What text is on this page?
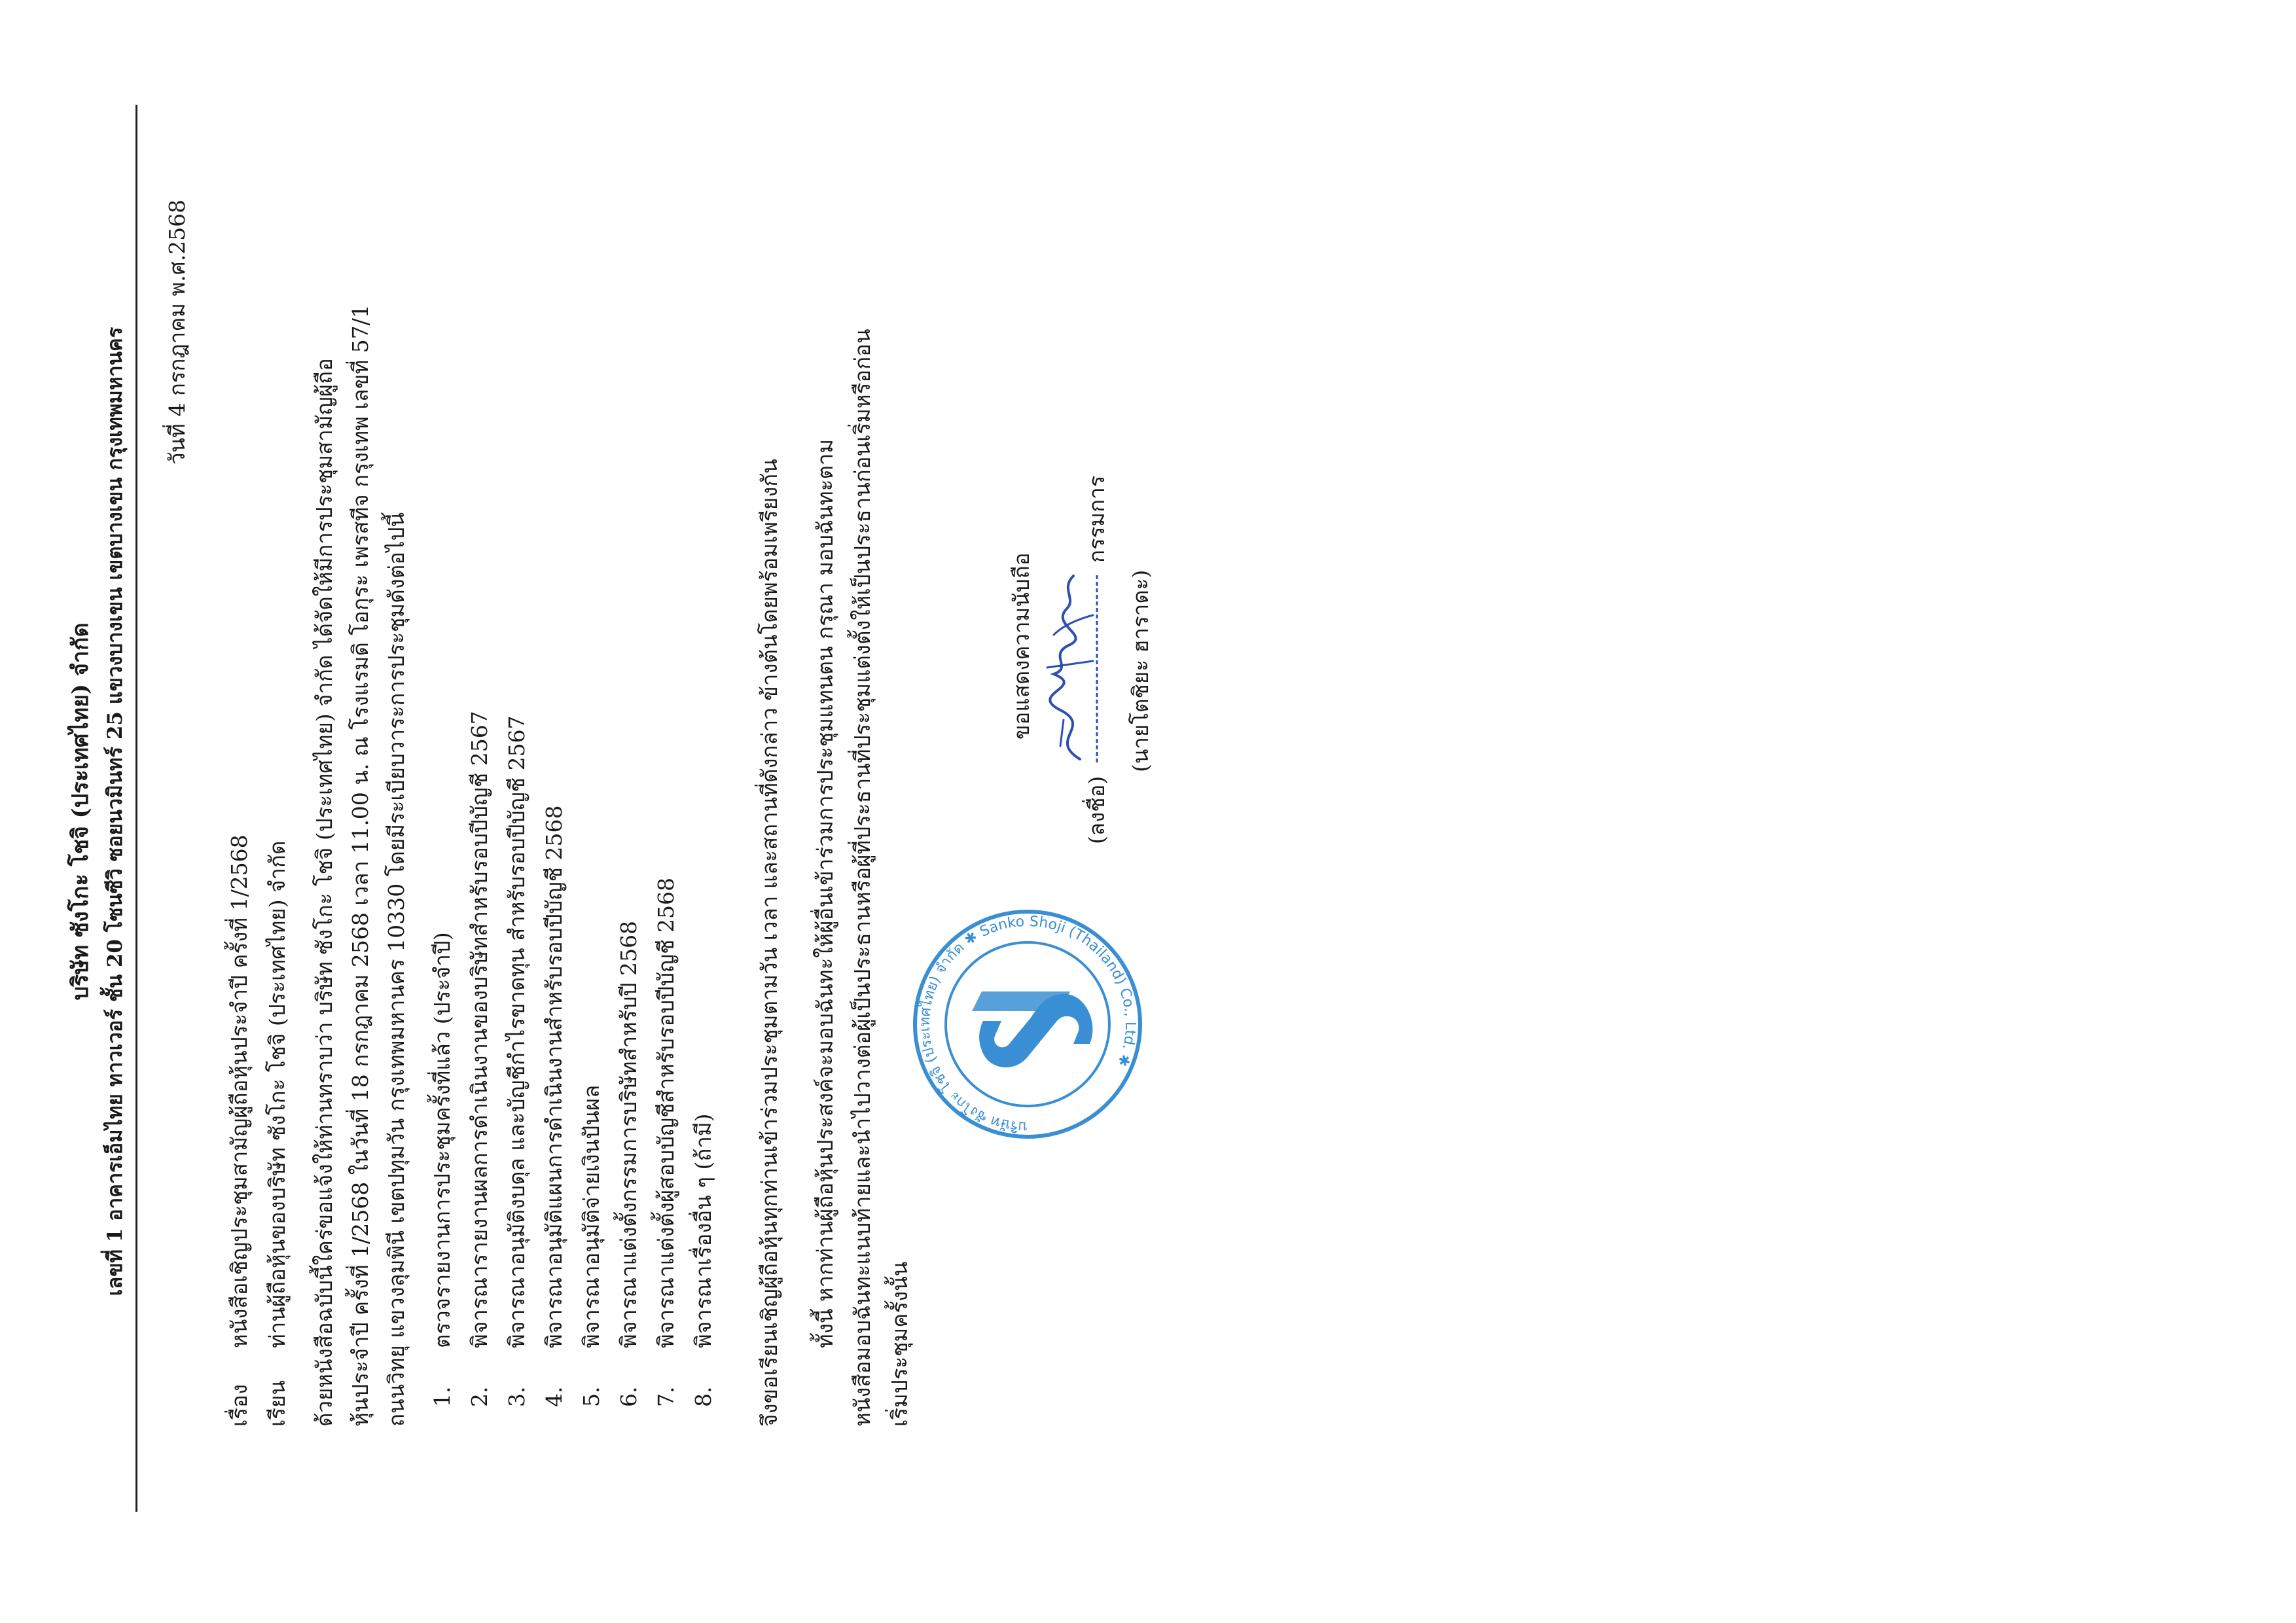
บริษัท ซังโกะ โชจิ (ประเทศไทย) จำกัด เลขที่ 1 อาคารเอ็มไทย ทาวเวอร์ ชั้น 20 โซนซีวิ ซอยนวมินทร์ 25 แขวงบางเขน เขตบางเขน กรุงเทพมหานคร วันที่ 4 กรกฎาคม พ.ศ.2568
เรื่อง
หนังสือเชิญประชุมสามัญผู้ถือหุ้นประจำปี ครั้งที่ 1/2568
เรียน
ท่านผู้ถือหุ้นของบริษัท ซังโกะ โชจิ (ประเทศไทย) จำกัด ด้วยหนังสือฉบับนี้ใคร่ขอแจ้งให้ท่านทราบว่า บริษัท ซังโกะ โชจิ (ประเทศไทย) จำกัด ได้จัดให้มีการประชุมสามัญผู้ถือ หุ้นประจำปี ครั้งที่ 1/2568 ในวันที่ 18 กรกฎาคม 2568 เวลา 11.00 น. ณ โรงแรมดิ โอกุระ เพรสทีจ กรุงเทพ เลขที่ 57/1 ถนนวิทยุ แขวงลุมพินี เขตปทุมวัน กรุงเทพมหานคร 10330 โดยมีระเบียบวาระการประชุมดังต่อไปนี้ 1.
ตรวจรายงานการประชุมครั้งที่แล้ว (ประจำปี)
2.
พิจารณารายงานผลการดำเนินงานของบริษัทสำหรับรอบปีบัญชี 2567
3.
พิจารณาอนุมัติงบดุล และบัญชีกำไรขาดทุน สำหรับรอบปีบัญชี 2567
4.
พิจารณาอนุมัติแผนการดำเนินงานสำหรับรอบปีบัญชี 2568
5.
พิจารณาอนุมัติจ่ายเงินปันผล
6.
พิจารณาแต่งตั้งกรรมการบริษัทสำหรับปี 2568
7.
พิจารณาแต่งตั้งผู้สอบบัญชีสำหรับรอบปีบัญชี 2568
8.
พิจารณาเรื่องอื่น ๆ (ถ้ามี) จึงขอเรียนเชิญผู้ถือหุ้นทุกท่านเข้าร่วมประชุมตามวัน เวลา และสถานที่ดังกล่าว ข้างต้นโดยพร้อมเพรียงกัน ทั้งนี้ หากท่านผู้ถือหุ้นประสงค์จะมอบฉันทะให้ผู้อื่นเข้าร่วมการประชุมแทนตน กรุณา มอบฉันทะตาม หนังสือมอบฉันทะแนบท้ายและนำไปวางต่อผู้เป็นประธานหรือผู้ที่ประธานที่ประชุมแต่งตั้งให้เป็นประธานก่อนเริ่มหรือก่อน เริ่มประชุมครั้งนั้น
ขอแสดงความนับถือ
(ลงชื่อ)
กรรมการ
(นายโตชิยะ ฮาราดะ)
บริษัท ซังโกะ โชจิ (ประเทศไทย) จำกัด ✱ Sanko Shoji (Thailand) Co., Ltd. ✱
